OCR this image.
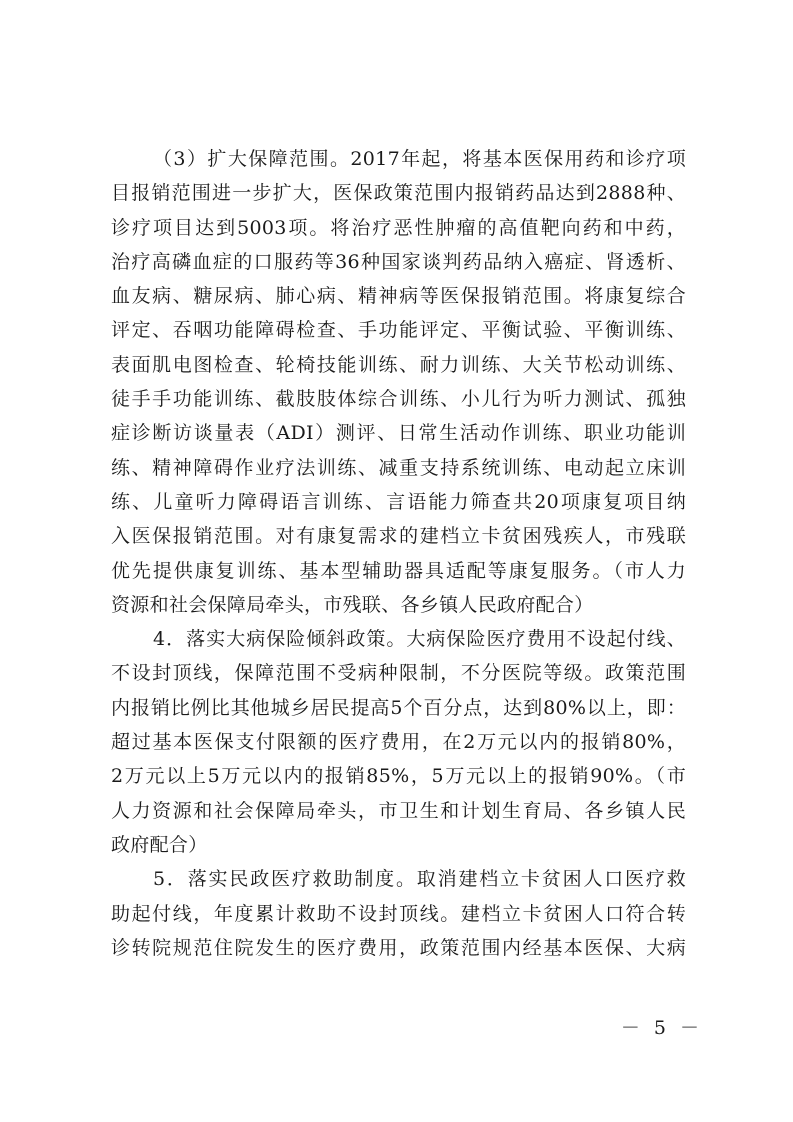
（3）扩大保障范围。2017年起，将基本医保用药和诊疗项
目报销范围进一步扩大，医保政策范围内报销药品达到2888种、
诊疗项目达到5003项。将治疗恶性肿瘤的高值靶向药和中药，
治疗高磷血症的口服药等36种国家谈判药品纳入癌症、肾透析、
血友病、糖尿病、肺心病、精神病等医保报销范围。将康复综合
评定、吞咽功能障碍检查、手功能评定、平衡试验、平衡训练、
表面肌电图检查、轮椅技能训练、耐力训练、大关节松动训练、
徒手手功能训练、截肢肢体综合训练、小儿行为听力测试、孤独
症诊断访谈量表（ADI）测评、日常生活动作训练、职业功能训
练、精神障碍作业疗法训练、减重支持系统训练、电动起立床训
练、儿童听力障碍语言训练、言语能力筛查共20项康复项目纳
入医保报销范围。对有康复需求的建档立卡贫困残疾人，市残联
优先提供康复训练、基本型辅助器具适配等康复服务。（市人力
资源和社会保障局牵头，市残联、各乡镇人民政府配合）
4．落实大病保险倾斜政策。大病保险医疗费用不设起付线、
不设封顶线，保障范围不受病种限制，不分医院等级。政策范围
内报销比例比其他城乡居民提高5个百分点，达到80%以上，即：
超过基本医保支付限额的医疗费用，在2万元以内的报销80%，
2万元以上5万元以内的报销85%，5万元以上的报销90%。（市
人力资源和社会保障局牵头，市卫生和计划生育局、各乡镇人民
政府配合）
5．落实民政医疗救助制度。取消建档立卡贫困人口医疗救
助起付线，年度累计救助不设封顶线。建档立卡贫困人口符合转
诊转院规范住院发生的医疗费用，政策范围内经基本医保、大病
－ 5 －
